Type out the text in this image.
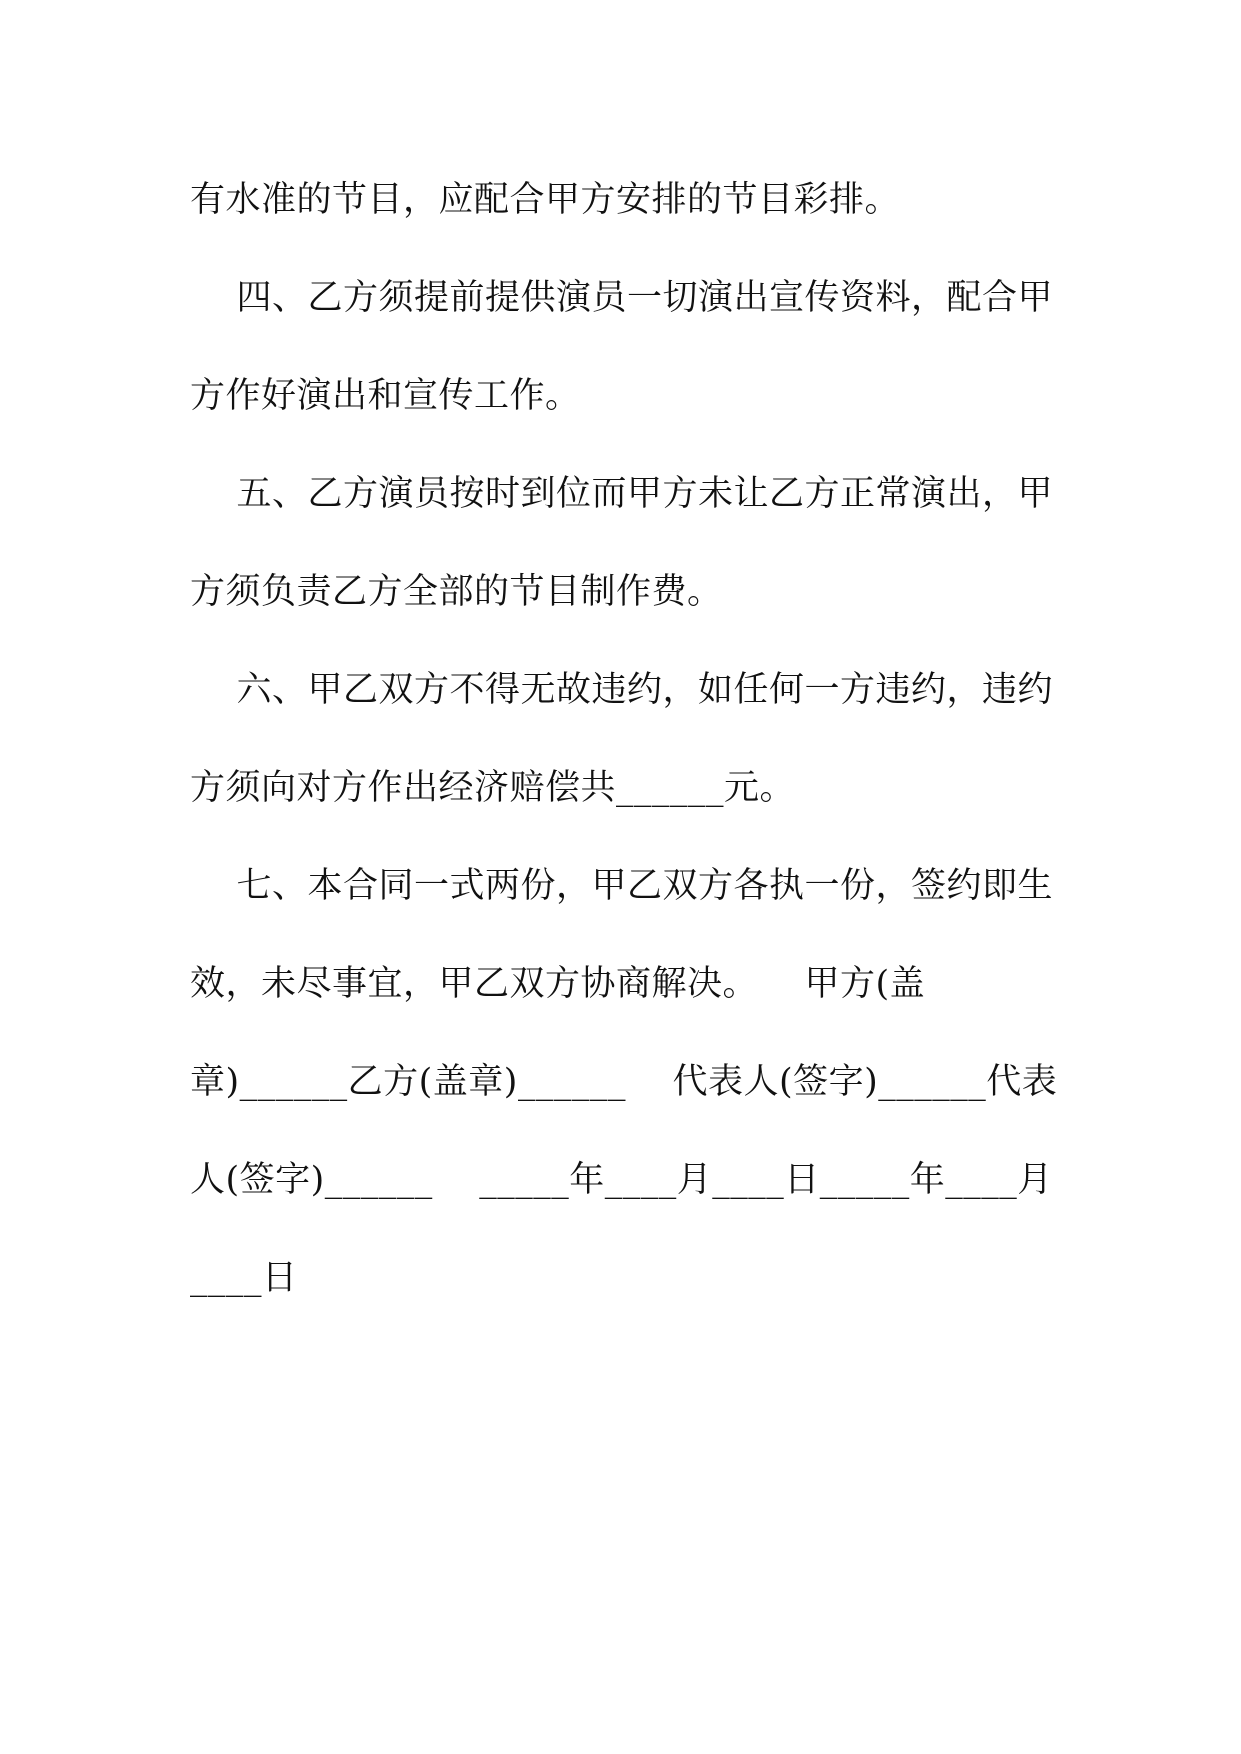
有水准的节目，应配合甲方安排的节目彩排。
四、乙方须提前提供演员一切演出宣传资料，配合甲
方作好演出和宣传工作。
五、乙方演员按时到位而甲方未让乙方正常演出，甲
方须负责乙方全部的节目制作费。
六、甲乙双方不得无故违约，如任何一方违约，违约
方须向对方作出经济赔偿共______元。
七、本合同一式两份，甲乙双方各执一份，签约即生
效，未尽事宜，甲乙双方协商解决。    甲方(盖
章)______乙方(盖章)______    代表人(签字)______代表
人(签字)______    _____年____月____日_____年____月
____日
